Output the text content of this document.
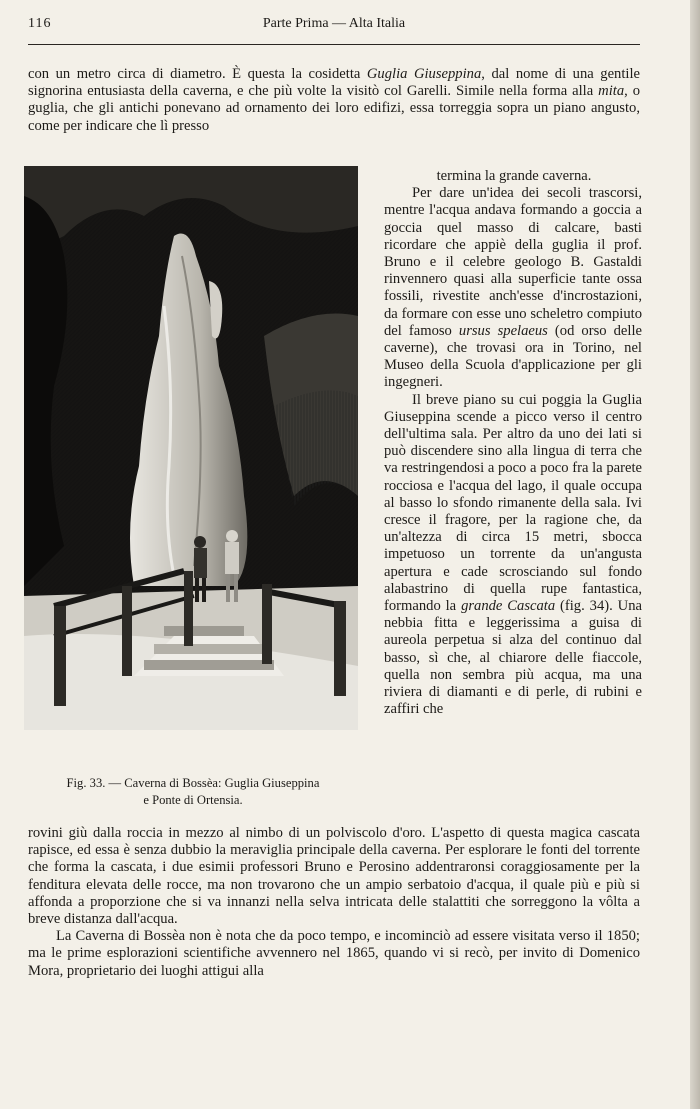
116	Parte Prima — Alta Italia

con un metro circa di diametro. È questa la cosidetta Guglia Giuseppina, dal nome di una gentile signorina entusiasta della caverna, e che più volte la visitò col Garelli. Simile nella forma alla mita, o guglia, che gli antichi ponevano ad ornamento dei loro edifizi, essa torreggia sopra un piano angusto, come per indicare che lì presso

termina la grande caverna.

Per dare un'idea dei secoli trascorsi, mentre l'acqua andava formando a goccia a goccia quel masso di calcare, basti ricordare che appiè della guglia il prof. Bruno e il celebre geologo B. Gastaldi rinvennero quasi alla superficie tante ossa fossili, rivestite anch'esse d'incrostazioni, da formare con esse uno scheletro compiuto del famoso ursus spelaeus (od orso delle caverne), che trovasi ora in Torino, nel Museo della Scuola d'applicazione per gli ingegneri.

Il breve piano su cui poggia la Guglia Giuseppina scende a picco verso il centro dell'ultima sala. Per altro da uno dei lati si può discendere sino alla lingua di terra che va restringendosi a poco a poco fra la parete rocciosa e l'acqua del lago, il quale occupa al basso lo sfondo rimanente della sala. Ivi cresce il fragore, per la ragione che, da un'altezza di circa 15 metri, sbocca impetuoso un torrente da un'angusta apertura e cade scrosciando sul fondo alabastrino di quella rupe fantastica, formando la grande Cascata (fig. 34). Una nebbia fitta e leggerissima a guisa di aureola perpetua si alza del continuo dal basso, sì che, al chiarore delle fiaccole, quella non sembra più acqua, ma una riviera di diamanti e di perle, di rubini e zaffiri che

Fig. 33. — Caverna di Bossèa: Guglia Giuseppina
e Ponte di Ortensia.

rovini giù dalla roccia in mezzo al nimbo di un polviscolo d'oro. L'aspetto di questa magica cascata rapisce, ed essa è senza dubbio la meraviglia principale della caverna. Per esplorare le fonti del torrente che forma la cascata, i due esimii professori Bruno e Perosino addentraronsi coraggiosamente per la fenditura elevata delle rocce, ma non trovarono che un ampio serbatoio d'acqua, il quale più e più si affonda a proporzione che si va innanzi nella selva intricata delle stalattiti che sorreggono la vôlta a breve distanza dall'acqua.

La Caverna di Bossèa non è nota che da poco tempo, e incominciò ad essere visitata verso il 1850; ma le prime esplorazioni scientifiche avvennero nel 1865, quando vi si recò, per invito di Domenico Mora, proprietario dei luoghi attigui alla
